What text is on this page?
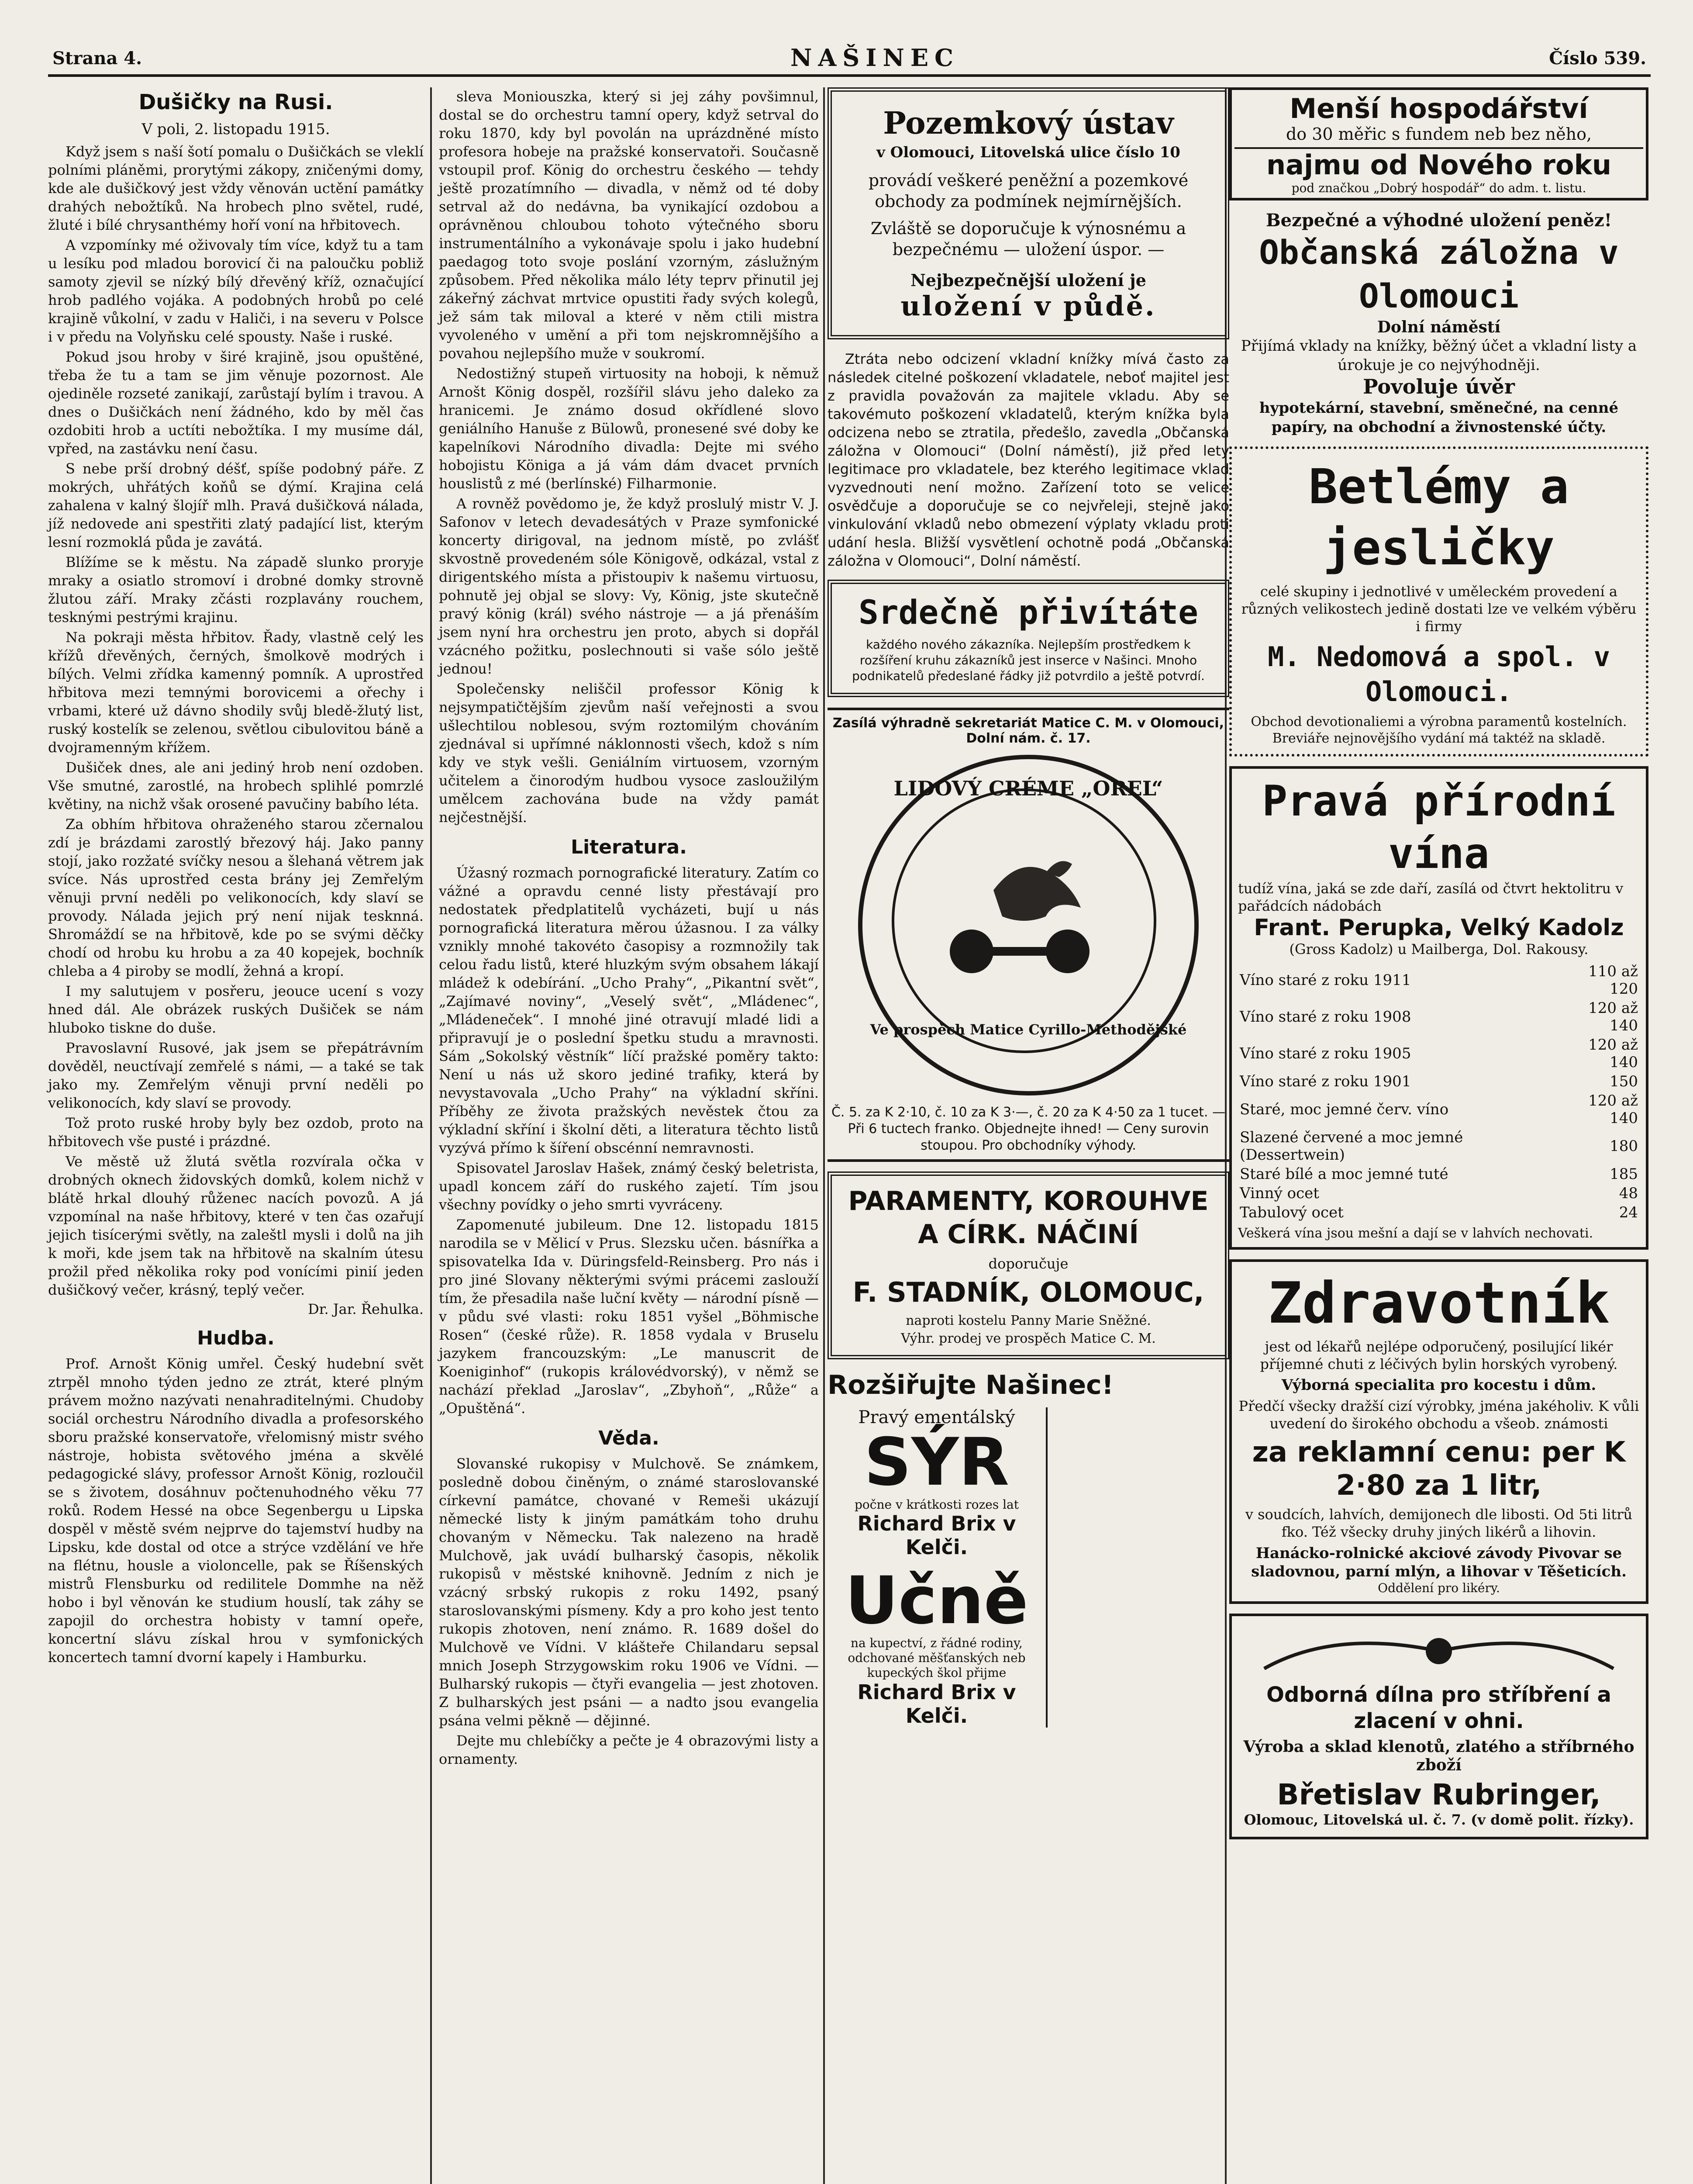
Strana 4.	NAŠINEC	Číslo 539.
Dušičky na Rusi.
V poli, 2. listopadu 1915.

Když jsem s naší šotí pomalu o Dušičkách se vleklí polními pláněmi, prorytými zákopy, zničenými domy, kde ale dušičkový jest vždy věnován uctění památky drahých nebožtíků. Na hrobech plno světel, rudé, žluté i bílé chrysanthémy hoří voní na hřbitovech.

A vzpomínky mé oživovaly tím více, když tu a tam u lesíku pod mladou borovicí či na paloučku pobliž samoty zjevil se nízký bílý dřevěný kříž, označující hrob padlého vojáka. A podobných hrobů po celé krajině vůkolní, v zadu v Haliči, i na severu v Polsce i v předu na Volyňsku celé spousty. Naše i ruské.

Pokud jsou hroby v širé krajině, jsou opuštěné, třeba že tu a tam se jim věnuje pozornost. Ale ojediněle rozseté zanikají, zarůstají bylím i travou. A dnes o Dušičkách není žádného, kdo by měl čas ozdobiti hrob a uctíti nebožtíka. I my musíme dál, vpřed, na zastávku není času.

S nebe prší drobný déšť, spíše podobný páře. Z mokrých, uhřátých koňů se dýmí. Krajina celá zahalena v kalný šlojíř mlh. Pravá dušičková nálada, jíž nedovede ani spestřiti zlatý padající list, kterým lesní rozmoklá půda je zavátá.

Blížíme se k městu. Na západě slunko proryje mraky a osiatlo stromoví i drobné domky strovně žlutou září. Mraky zčásti rozplavány rouchem, tesknými pestrými krajinu.

Na pokraji města hřbitov. Řady, vlastně celý les křížů dřevěných, černých, šmolkově modrých i bílých. Velmi zřídka kamenný pomník. A uprostřed hřbitova mezi temnými borovicemi a ořechy i vrbami, které už dávno shodily svůj bledě-žlutý list, ruský kostelík se zelenou, světlou cibulovitou báně a dvojramenným křížem.

Dušiček dnes, ale ani jediný hrob není ozdoben. Vše smutné, zarostlé, na hrobech splihlé pomrzlé květiny, na nichž však orosené pavučiny babího léta.

Za obhím hřbitova ohraženého starou zčernalou zdí je brázdami zarostlý březový háj. Jako panny stojí, jako rozžaté svíčky nesou a šlehaná větrem jak svíce. Nás uprostřed cesta brány jej Zemřelým věnuji první neděli po velikonocích, kdy slaví se provody. Nálada jejich prý není nijak tesknná. Shromáždí se na hřbitově, kde po se svými děčky chodí od hrobu ku hrobu a za 40 kopejek, bochník chleba a 4 piroby se modlí, žehná a kropí.

I my salutujem v posřeru, jeouce ucení s vozy hned dál. Ale obrázek ruských Dušiček se nám hluboko tiskne do duše.

Pravoslavní Rusové, jak jsem se přepátrávním dověděl, neuctívají zemřelé s námi, — a také se tak jako my. Zemřelým věnuji první neděli po velikonocích, kdy slaví se provody.

Tož proto ruské hroby byly bez ozdob, proto na hřbitovech vše pusté i prázdné.

Ve městě už žlutá světla rozvírala očka v drobných oknech židovských domků, kolem nichž v blátě hrkal dlouhý růženec nacích povozů. A já vzpomínal na naše hřbitovy, které v ten čas ozařují jejich tisícerými světly, na zaleštl mysli i dolů na jih k moři, kde jsem tak na hřbitově na skalním útesu prožil před několika roky pod vonícími pinií jeden dušičkový večer, krásný, teplý večer.

Dr. Jar. Řehulka.
Hudba.

Prof. Arnošt König umřel. Český hudební svět ztrpěl mnoho týden jedno ze ztrát, které plným právem možno nazývati nenahraditelnými. Chudoby sociál orchestru Národního divadla a profesorského sboru pražské konservatoře, vřelomisný mistr svého nástroje, hobista světového jména a skvělé pedagogické slávy, professor Arnošt König, rozloučil se s životem, dosáhnuv počtenuhodného věku 77 roků. Rodem Hessé na obce Segenbergu u Lipska dospěl v městě svém nejprve do tajemství hudby na Lipsku, kde dostal od otce a strýce vzdělání ve hře na flétnu, housle a violoncelle, pak se Říšenských mistrů Flensburku od redilitele Dommhe na něž hobo i byl věnován ke studium houslí, tak záhy se zapojil do orchestra hobisty v tamní opeře, koncertní slávu získal hrou v symfonických koncertech tamní dvorní kapely i Hamburku.

sleva Moniouszka, který si jej záhy povšimnul, dostal se do orchestru tamní opery, když setrval do roku 1870, kdy byl povolán na uprázdněné místo profesora hobeje na pražské konservatoři. Současně vstoupil prof. König do orchestru českého — tehdy ještě prozatímního — divadla, v němž od té doby setrval až do nedávna, ba vynikající ozdobou a oprávněnou chloubou tohoto výtečného sboru instrumentálního a vykonávaje spolu i jako hudební paedagog toto svoje poslání vzorným, záslužným způsobem. Před několika málo léty teprv přinutil jej zákeřný záchvat mrtvice opustiti řady svých kolegů, jež sám tak miloval a které v něm ctili mistra vyvoleného v umění a při tom nejskromnějšího a povahou nejlepšího muže v soukromí.

Nedostižný stupeň virtuosity na hoboji, k němuž Arnošt König dospěl, rozšířil slávu jeho daleko za hranicemi. Je známo dosud okřídlené slovo geniálního Hanuše z Bülowů, pronesené své doby ke kapelníkovi Národního divadla: Dejte mi svého hobojistu Königa a já vám dám dvacet prvních houslistů z mé (berlínské) Filharmonie.

A rovněž povědomo je, že když proslulý mistr V. J. Safonov v letech devadesátých v Praze symfonické koncerty dirigoval, na jednom místě, po zvlášť skvostně provedeném sóle Königově, odkázal, vstal z dirigentského místa a přistoupiv k našemu virtuosu, pohnutě jej objal se slovy: Vy, König, jste skutečně pravý könig (král) svého nástroje — a já přenáším jsem nyní hra orchestru jen proto, abych si dopřál vzácného požitku, poslechnouti si vaše sólo ještě jednou!

Společensky neliščil professor König k nejsympatičtějším zjevům naší veřejnosti a svou ušlechtilou noblesou, svým roztomilým chováním zjednával si upřímné náklonnosti všech, kdož s ním kdy ve styk vešli. Geniálním virtuosem, vzorným učitelem a činorodým hudbou vysoce zasloužilým umělcem zachována bude na vždy památ nejčestnější.

Literatura.

Úžasný rozmach pornografické literatury. Zatím co vážné a opravdu cenné listy přestávají pro nedostatek předplatitelů vycházeti, bují u nás pornografická literatura měrou úžasnou. I za války vznikly mnohé takovéto časopisy a rozmnožily tak celou řadu listů, které hluzkým svým obsahem lákají mládež k odebírání. „Ucho Prahy“, „Pikantní svět“, „Zajímavé noviny“, „Veselý svět“, „Mládenec“, „Mládeneček“. I mnohé jiné otravují mladé lidi a připravují je o poslední špetku studu a mravnosti. Sám „Sokolský věstník“ líčí pražské poměry takto: Není u nás už skoro jediné trafiky, která by nevystavovala „Ucho Prahy“ na výkladní skříni. Příběhy ze života pražských nevěstek čtou za výkladní skříní i školní děti, a literatura těchto listů vyzývá přímo k šíření obscénní nemravnosti.

Spisovatel Jaroslav Hašek, známý český beletrista, upadl koncem září do ruského zajetí. Tím jsou všechny povídky o jeho smrti vyvráceny.

Zapomenuté jubileum. Dne 12. listopadu 1815 narodila se v Mělicí v Prus. Slezsku učen. básnířka a spisovatelka Ida v. Düringsfeld-Reinsberg. Pro nás i pro jiné Slovany některými svými prácemi zaslouží tím, že přesadila naše luční květy — národní písně — v půdu své vlasti: roku 1851 vyšel „Böhmische Rosen“ (české růže). R. 1858 vydala v Bruselu jazykem francouzským: „Le manuscrit de Koeniginhof“ (rukopis královédvorský), v němž se nachází překlad „Jaroslav“, „Zbyhoň“, „Růže“ a „Opuštěná“.

Věda.

Slovanské rukopisy v Mulchově. Se známkem, posledně dobou činěným, o známé staroslovanské církevní památce, chované v Remeši ukázují německé listy k jiným památkám toho druhu chovaným v Německu. Tak nalezeno na hradě Mulchově, jak uvádí bulharský časopis, několik rukopisů v městské knihovně. Jedním z nich je vzácný srbský rukopis z roku 1492, psaný staroslovanskými písmeny. Kdy a pro koho jest tento rukopis zhotoven, není známo. R. 1689 došel do Mulchově ve Vídni. V klášteře Chilandaru sepsal mnich Joseph Strzygowskim roku 1906 ve Vídni. — Bulharský rukopis — čtyři evangelia — jest zhotoven. Z bulharských jest psáni — a nadto jsou evangelia psána velmi pěkně — dějinné.

Dejte mu chlebíčky a pečte je 4 obrazovými listy a ornamenty.

Pozemkový ústav
v Olomouci, Litovelská ulice číslo 10
provádí veškeré peněžní a pozemkové obchody za podmínek nejmírnějších.
Zvláště se doporučuje k výnosnému a bezpečnému — uložení úspor. —
Nejbezpečnější uložení je
uložení v půdě.

Ztráta nebo odcizení vkladní knížky mívá často za následek citelné poškození vkladatele, neboť majitel jest z pravidla považován za majitele vkladu. Aby se takovémuto poškození vkladatelů, kterým knížka byla odcizena nebo se ztratila, předešlo, zavedla „Občanská záložna v Olomouci“ (Dolní náměstí), již před lety legitimace pro vkladatele, bez kterého legitimace vklad vyzvednouti není možno. Zařízení toto se velice osvědčuje a doporučuje se co nejvřeleji, stejně jako vinkulování vkladů nebo obmezení výplaty vkladu proti udání hesla. Bližší vysvětlení ochotně podá „Občanská záložna v Olomouci“, Dolní náměstí.

Srdečně přivítáte
každého nového zákazníka. Nejlepším prostředkem k rozšíření kruhu zákazníků jest inserce v Našinci. Mnoho podnikatelů předeslané řádky již potvrdilo a ještě potvrdí.
Zasílá výhradně sekretariát Matice C. M. v Olomouci, Dolní nám. č. 17.
LIDOVÝ CRÉME „OREL“
Ve prospěch Matice Cyrillo-Methodějské
Č. 5. za K 2·10, č. 10 za K 3·—, č. 20 za K 4·50 za 1 tucet. — Při 6 tuctech franko. Objednejte ihned! — Ceny surovin stoupou. Pro obchodníky výhody.
PARAMENTY, KOROUHVE A CÍRK. NÁČINÍ
doporučuje
F. STADNÍK, OLOMOUC,
naproti kostelu Panny Marie Sněžné.
Výhr. prodej ve prospěch Matice C. M.
Rozšiřujte Našinec!
Pravý ementálský
SÝR
počne v krátkosti rozes lat
Richard Brix v Kelči.
Učně
na kupectví, z řádné rodiny, odchované měšťanských neb kupeckých škol přijme
Richard Brix v Kelči.
Menší hospodářství
do 30 měřic s fundem neb bez něho,
najmu od Nového roku
pod značkou „Dobrý hospodář“ do adm. t. listu.
Bezpečné a výhodné uložení peněz!
Občanská záložna v Olomouci
Dolní náměstí
Přijímá vklady na knížky, běžný účet a vkladní listy a úrokuje je co nejvýhodněji.
Povoluje úvěr
hypotekární, stavební, směnečné, na cenné papíry, na obchodní a živnostenské účty.
Betlémy a jesličky
celé skupiny i jednotlivé v uměleckém provedení a různých velikostech jedině dostati lze ve velkém výběru i firmy
M. Nedomová a spol. v Olomouci.
Obchod devotionaliemi a výrobna paramentů kostelních. Breviáře nejnovějšího vydání má taktéž na skladě.
Pravá přírodní vína
tudíž vína, jaká se zde daří, zasílá od čtvrt hektolitru v pařádcích nádobách
Frant. Perupka, Velký Kadolz
(Gross Kadolz) u Mailberga, Dol. Rakousy.
Víno staré z roku 1911	110 až 120
Víno staré z roku 1908	120 až 140
Víno staré z roku 1905	120 až 140
Víno staré z roku 1901	150
Staré, moc jemné červ. víno	120 až 140
Slazené červené a moc jemné (Dessertwein)	180
Staré bílé a moc jemné tuté	185
Vinný ocet	48
Tabulový ocet	24
Veškerá vína jsou mešní a dají se v lahvích nechovati.
Zdravotník
jest od lékařů nejlépe odporučený, posilující likér příjemné chuti z léčivých bylin horských vyrobený.
Výborná specialita pro kocestu i dům.
Předčí všecky dražší cizí výrobky, jména jakéholiv. K vůli uvedení do širokého obchodu a všeob. známosti
za reklamní cenu: per K 2·80 za 1 litr,
v soudcích, lahvích, demijonech dle libosti. Od 5ti litrů fko. Též všecky druhy jiných likérů a lihovin.
Hanácko-rolnické akciové závody Pivovar se sladovnou, parní mlýn, a lihovar v Těšeticích.
Oddělení pro likéry.
Odborná dílna pro stříbření a zlacení v ohni.
Výroba a sklad klenotů, zlatého a stříbrného zboží
Břetislav Rubringer,
Olomouc, Litovelská ul. č. 7. (v domě polit. řízky).
